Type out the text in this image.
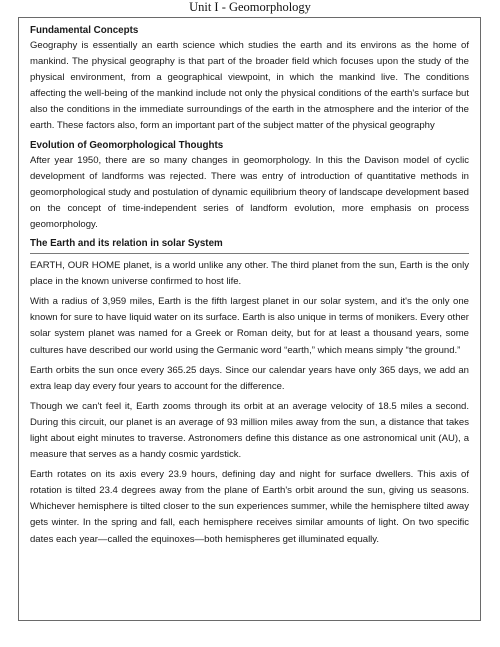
Unit I - Geomorphology
Fundamental Concepts

Geography is essentially an earth science which studies the earth and its environs as the home of mankind. The physical geography is that part of the broader field which focuses upon the study of the physical environment, from a geographical viewpoint, in which the mankind live. The conditions affecting the well-being of the mankind include not only the physical conditions of the earth's surface but also the conditions in the immediate surroundings of the earth in the atmosphere and the interior of the earth. These factors also, form an important part of the subject matter of the physical geography

Evolution of Geomorphological Thoughts

After year 1950, there are so many changes in geomorphology. In this the Davison model of cyclic development of landforms was rejected. There was entry of introduction of quantitative methods in geomorphological study and postulation of dynamic equilibrium theory of landscape development based on the concept of time-independent series of landform evolution, more emphasis on process geomorphology.

The Earth and its relation in solar System

EARTH, OUR HOME planet, is a world unlike any other. The third planet from the sun, Earth is the only place in the known universe confirmed to host life.

With a radius of 3,959 miles, Earth is the fifth largest planet in our solar system, and it's the only one known for sure to have liquid water on its surface. Earth is also unique in terms of monikers. Every other solar system planet was named for a Greek or Roman deity, but for at least a thousand years, some cultures have described our world using the Germanic word “earth,” which means simply “the ground.”

Earth orbits the sun once every 365.25 days. Since our calendar years have only 365 days, we add an extra leap day every four years to account for the difference.

Though we can't feel it, Earth zooms through its orbit at an average velocity of 18.5 miles a second. During this circuit, our planet is an average of 93 million miles away from the sun, a distance that takes light about eight minutes to traverse. Astronomers define this distance as one astronomical unit (AU), a measure that serves as a handy cosmic yardstick.

Earth rotates on its axis every 23.9 hours, defining day and night for surface dwellers. This axis of rotation is tilted 23.4 degrees away from the plane of Earth's orbit around the sun, giving us seasons. Whichever hemisphere is tilted closer to the sun experiences summer, while the hemisphere tilted away gets winter. In the spring and fall, each hemisphere receives similar amounts of light. On two specific dates each year—called the equinoxes—both hemispheres get illuminated equally.
